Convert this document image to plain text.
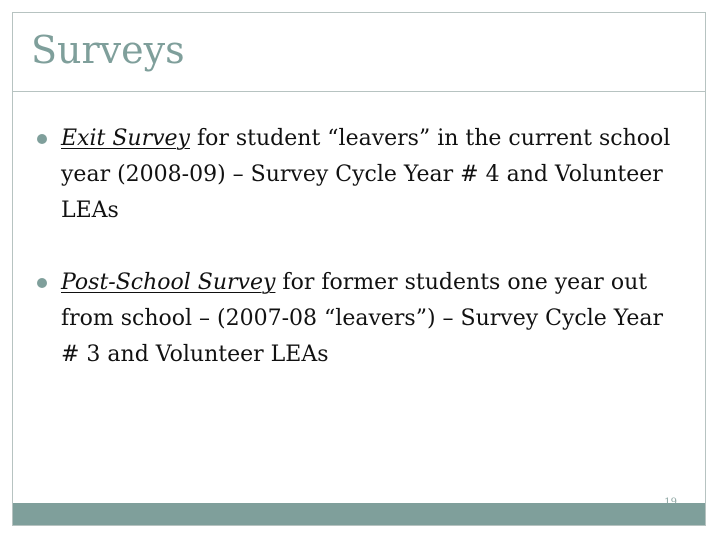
Surveys
Exit Survey for student “leavers” in the current school year (2008-09) – Survey Cycle Year # 4 and Volunteer LEAs
Post-School Survey for former students one year out from school – (2007-08 “leavers”) – Survey Cycle Year # 3 and Volunteer LEAs
